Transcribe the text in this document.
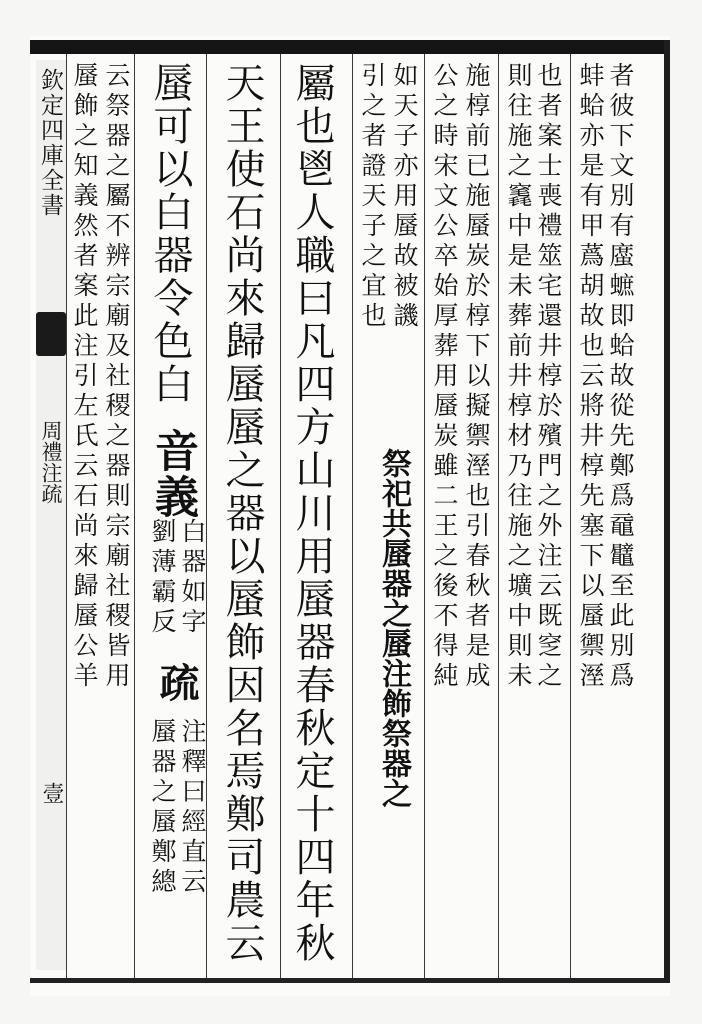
欽定四庫全書
周禮注疏
壹
者彼下文別有䗪蟅即蛤故從先鄭爲黿鼊至此別爲
蚌蛤亦是有甲蔿胡故也云將井椁先塞下以蜃禦溼
也者案士喪禮筮宅還井椁於殯門之外注云既窆之
則往施之竁中是未葬前井椁材乃往施之壙中則未
施椁前已施蜃炭於椁下以擬禦溼也引春秋者是成
公之時宋文公卒始厚葬用蜃炭雖二王之後不得純
如天子亦用蜃故被譏
引之者證天子之宜也
祭祀共蜃器之蜃注飾祭器之
屬也鬯人職曰凡四方山川用蜃器春秋定十四年秋
天王使石尚來歸蜃蜃之器以蜃飾因名焉鄭司農云
蜃可以白器令色白
音義
白器如字
劉薄霸反
疏
注釋曰經直云
蜃器之蜃鄭總
云祭器之屬不辨宗廟及社稷之器則宗廟社稷皆用
蜃飾之知義然者案此注引左氏云石尚來歸蜃公羊
